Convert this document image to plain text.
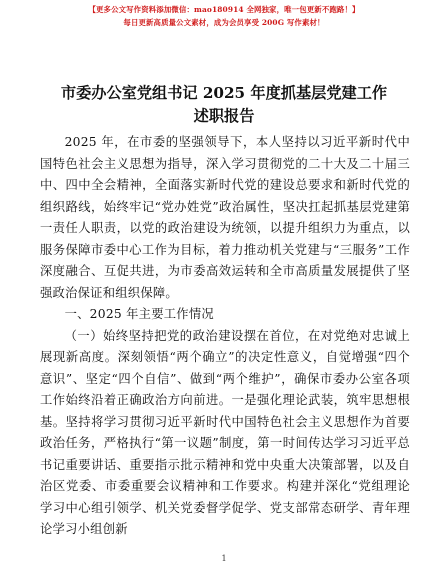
【更多公文写作资料添加微信：mao180914 全网独家，唯一包更新不跑路！】
每日更新高质量公文素材，成为会员享受 200G 写作素材！
市委办公室党组书记 2025 年度抓基层党建工作
述职报告

2025 年，在市委的坚强领导下，本人坚持以习近平新时代中国特色社会主义思想为指导，深入学习贯彻党的二十大及二十届三中、四中全会精神，全面落实新时代党的建设总要求和新时代党的组织路线，始终牢记“党办姓党”政治属性，坚决扛起抓基层党建第一责任人职责，以党的政治建设为统领，以提升组织力为重点，以服务保障市委中心工作为目标，着力推动机关党建与“三服务”工作深度融合、互促共进，为市委高效运转和全市高质量发展提供了坚强政治保证和组织保障。

一、2025 年主要工作情况

（一）始终坚持把党的政治建设摆在首位，在对党绝对忠诚上展现新高度。深刻领悟“两个确立”的决定性意义，自觉增强“四个意识”、坚定“四个自信”、做到“两个维护”，确保市委办公室各项工作始终沿着正确政治方向前进。一是强化理论武装，筑牢思想根基。坚持将学习贯彻习近平新时代中国特色社会主义思想作为首要政治任务，严格执行“第一议题”制度，第一时间传达学习习近平总书记重要讲话、重要指示批示精神和党中央重大决策部署，以及自治区党委、市委重要会议精神和工作要求。构建并深化“党组理论学习中心组引领学、机关党委督学促学、党支部常态研学、青年理论学习小组创新

1
